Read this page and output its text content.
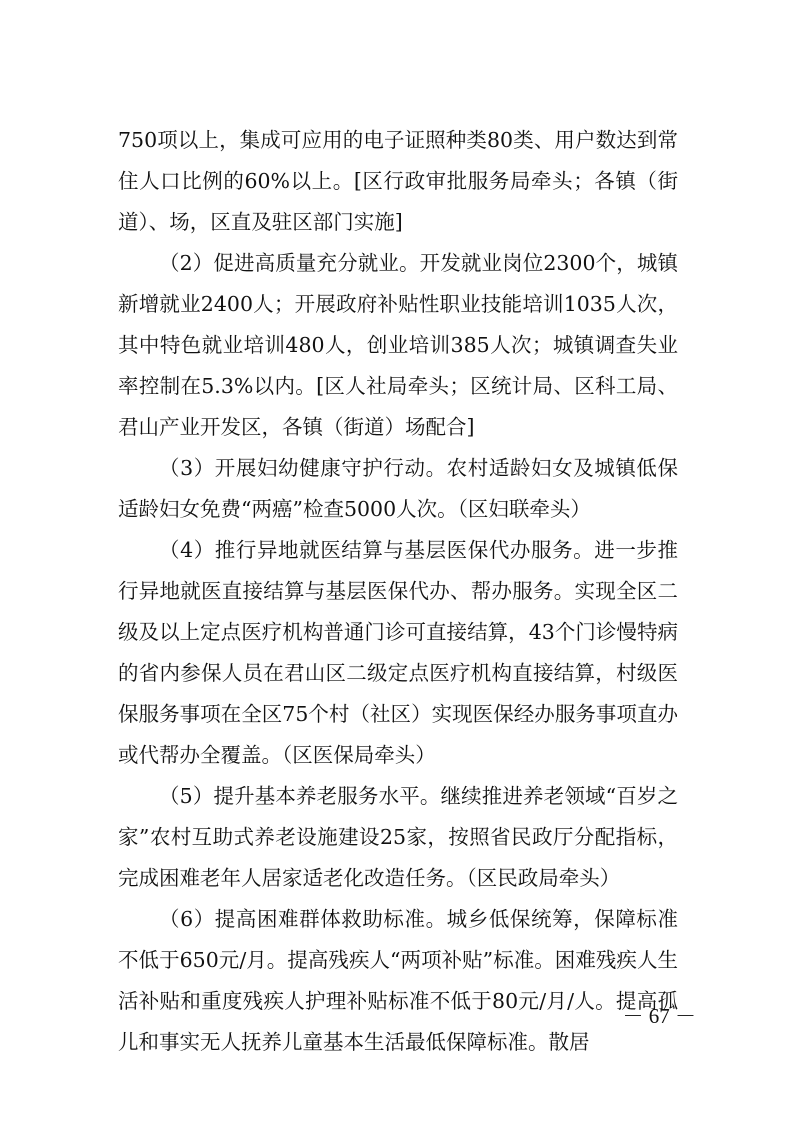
750项以上，集成可应用的电子证照种类80类、用户数达到常住人口比例的60%以上。[区行政审批服务局牵头；各镇（街道）、场，区直及驻区部门实施]

（2）促进高质量充分就业。开发就业岗位2300个，城镇新增就业2400人；开展政府补贴性职业技能培训1035人次，其中特色就业培训480人，创业培训385人次；城镇调查失业率控制在5.3%以内。[区人社局牵头；区统计局、区科工局、君山产业开发区，各镇（街道）场配合]

（3）开展妇幼健康守护行动。农村适龄妇女及城镇低保适龄妇女免费“两癌”检查5000人次。（区妇联牵头）

（4）推行异地就医结算与基层医保代办服务。进一步推行异地就医直接结算与基层医保代办、帮办服务。实现全区二级及以上定点医疗机构普通门诊可直接结算，43个门诊慢特病的省内参保人员在君山区二级定点医疗机构直接结算，村级医保服务事项在全区75个村（社区）实现医保经办服务事项直办或代帮办全覆盖。（区医保局牵头）

（5）提升基本养老服务水平。继续推进养老领域“百岁之家”农村互助式养老设施建设25家，按照省民政厅分配指标，完成困难老年人居家适老化改造任务。（区民政局牵头）

（6）提高困难群体救助标准。城乡低保统筹，保障标准不低于650元/月。提高残疾人“两项补贴”标准。困难残疾人生活补贴和重度残疾人护理补贴标准不低于80元/月/人。提高孤儿和事实无人抚养儿童基本生活最低保障标准。散居

－ 67 －
